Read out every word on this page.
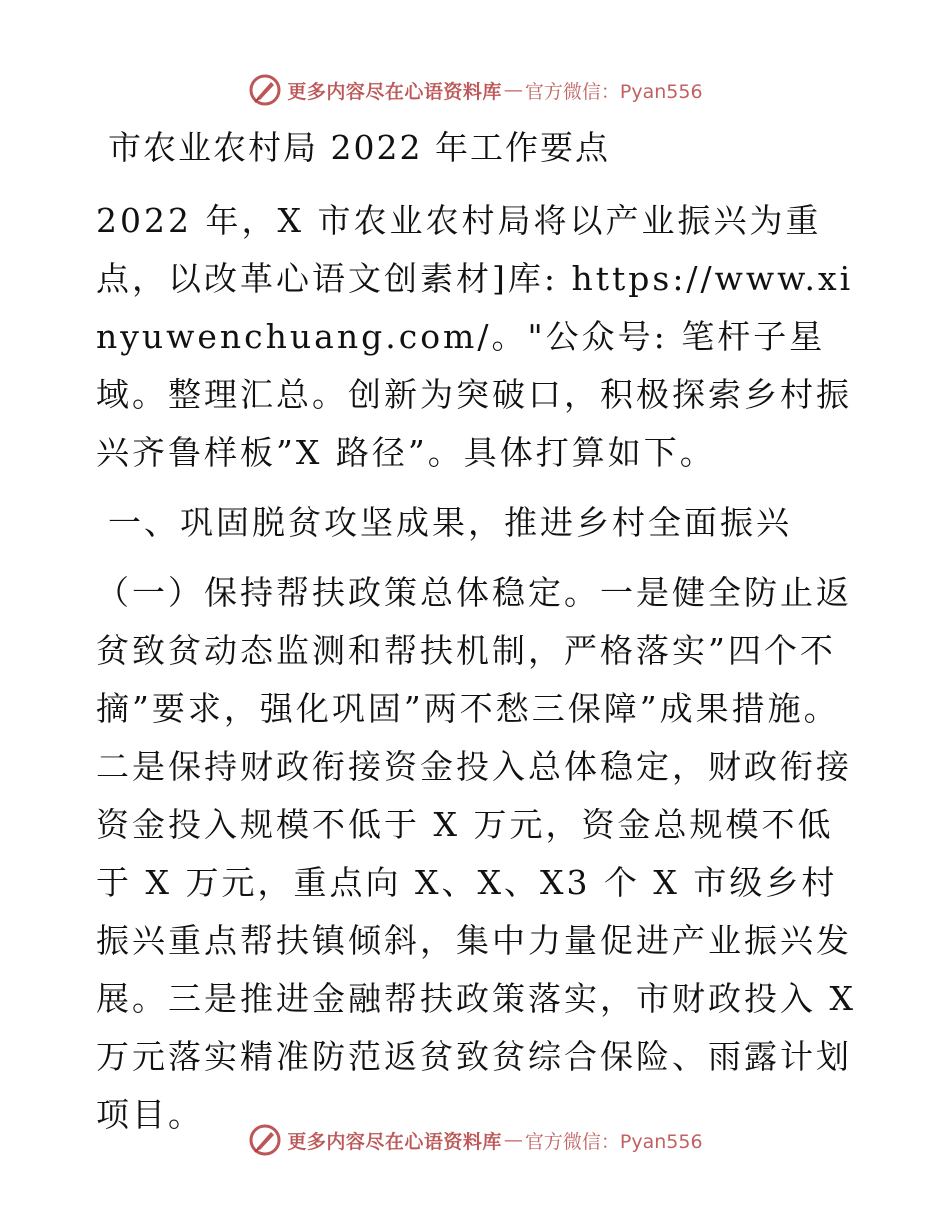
更多内容尽在心语资料库 — 官方微信：Pyan556
市农业农村局 2022 年工作要点

2022 年，X 市农业农村局将以产业振兴为重点，以改革心语文创素材]库: https://www.xinyuwenchuang.com/。"公众号: 笔杆子星域。整理汇总。创新为突破口，积极探索乡村振兴齐鲁样板”X 路径”。具体打算如下。

一、巩固脱贫攻坚成果，推进乡村全面振兴

（一）保持帮扶政策总体稳定。一是健全防止返贫致贫动态监测和帮扶机制，严格落实”四个不摘”要求，强化巩固”两不愁三保障”成果措施。二是保持财政衔接资金投入总体稳定，财政衔接资金投入规模不低于 X 万元，资金总规模不低于 X 万元，重点向 X、X、X3 个 X 市级乡村振兴重点帮扶镇倾斜，集中力量促进产业振兴发展。三是推进金融帮扶政策落实，市财政投入 X 万元落实精准防范返贫致贫综合保险、雨露计划项目。

更多内容尽在心语资料库 — 官方微信：Pyan556
